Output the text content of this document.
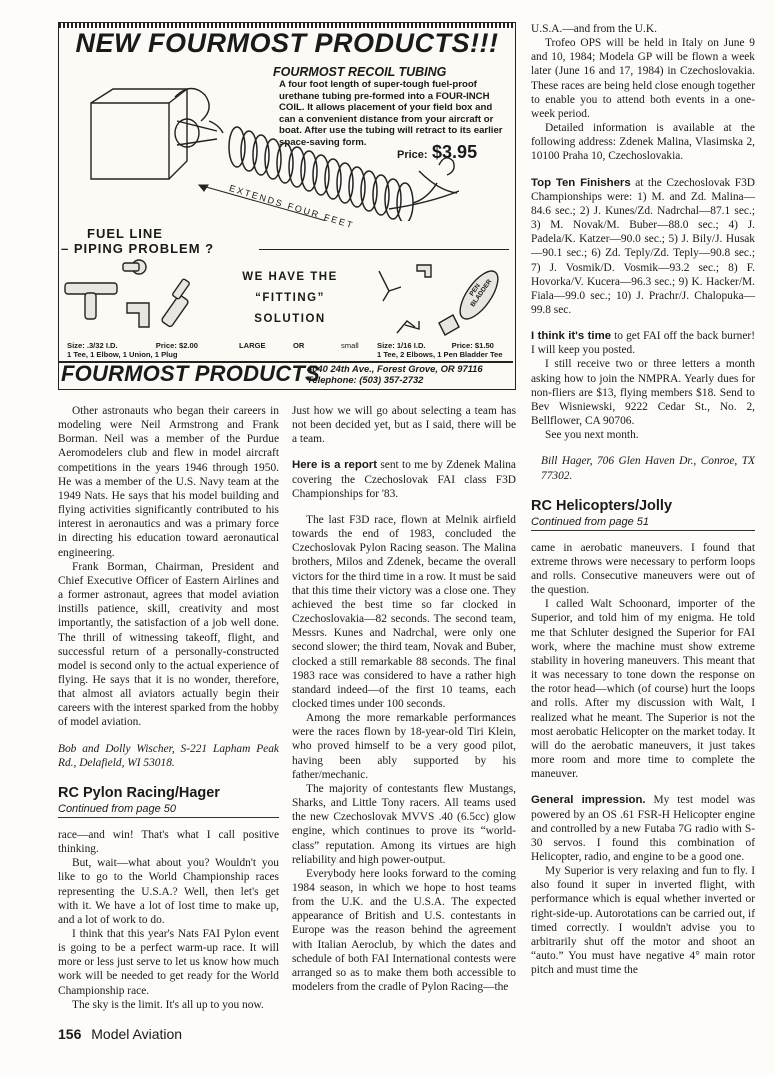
NEW FOURMOST PRODUCTS!!!
FOURMOST RECOIL TUBING
A four foot length of super-tough fuel-proof urethane tubing pre-formed into a FOUR-INCH COIL. It allows placement of your field box and can a convenient distance from your aircraft or boat. After use the tubing will retract to its earlier space-saving form.
Price: $3.95
EXTENDS FOUR FEET
FUEL LINE
– PIPING PROBLEM ?
WE HAVE THE
“FITTING”
SOLUTION
PEN BLADDER
Size: .3/32 I.D.	Price: $2.00
1 Tee, 1 Elbow, 1 Union, 1 Plug
LARGE	OR	small Size: 1/16 I.D.	Price: $1.50
1 Tee, 2 Elbows, 1 Pen Bladder Tee
FOURMOST PRODUCTS
4040 24th Ave., Forest Grove, OR 97116
Telephone: (503) 357-2732

Other astronauts who began their careers in modeling were Neil Armstrong and Frank Borman. Neil was a member of the Purdue Aeromodelers club and flew in model aircraft competitions in the years 1946 through 1950. He was a member of the U.S. Navy team at the 1949 Nats. He says that his model building and flying activities significantly contributed to his interest in aeronautics and was a primary force in directing his education toward aeronautical engineering.

Frank Borman, Chairman, President and Chief Executive Officer of Eastern Airlines and a former astronaut, agrees that model aviation instills patience, skill, creativity and most importantly, the satisfaction of a job well done. The thrill of witnessing takeoff, flight, and successful return of a personally-constructed model is second only to the actual experience of flying. He says that it is no wonder, therefore, that almost all aviators actually begin their careers with the interest sparked from the hobby of model aviation.

Bob and Dolly Wischer, S-221 Lapham Peak Rd., Delafield, WI 53018.

RC Pylon Racing/Hager
Continued from page 50

race—and win! That's what I call positive thinking.

But, wait—what about you? Wouldn't you like to go to the World Championship races representing the U.S.A.? Well, then let's get with it. We have a lot of lost time to make up, and a lot of work to do.

I think that this year's Nats FAI Pylon event is going to be a perfect warm-up race. It will more or less just serve to let us know how much work will be needed to get ready for the World Championship race.

The sky is the limit. It's all up to you now.

Just how we will go about selecting a team has not been decided yet, but as I said, there will be a team.

Here is a report sent to me by Zdenek Malina covering the Czechoslovak FAI class F3D Championships for '83.

The last F3D race, flown at Melnik airfield towards the end of 1983, concluded the Czechoslovak Pylon Racing season. The Malina brothers, Milos and Zdenek, became the overall victors for the third time in a row. It must be said that this time their victory was a close one. They achieved the best time so far clocked in Czechoslovakia—82 seconds. The second team, Messrs. Kunes and Nadrchal, were only one second slower; the third team, Novak and Buber, clocked a still remarkable 88 seconds. The final 1983 race was considered to have a rather high standard indeed—of the first 10 teams, each clocked times under 100 seconds.

Among the more remarkable performances were the races flown by 18-year-old Tiri Klein, who proved himself to be a very good pilot, having been ably supported by his father/mechanic.

The majority of contestants flew Mustangs, Sharks, and Little Tony racers. All teams used the new Czechoslovak MVVS .40 (6.5cc) glow engine, which continues to prove its “world-class” reputation. Among its virtues are high reliability and high power-output.

Everybody here looks forward to the coming 1984 season, in which we hope to host teams from the U.K. and the U.S.A. The expected appearance of British and U.S. contestants in Europe was the reason behind the agreement with Italian Aeroclub, by which the dates and schedule of both FAI International contests were arranged so as to make them both accessible to modelers from the cradle of Pylon Racing—the

U.S.A.—and from the U.K.

Trofeo OPS will be held in Italy on June 9 and 10, 1984; Modela GP will be flown a week later (June 16 and 17, 1984) in Czechoslovakia. These races are being held close enough together to enable you to attend both events in a one-week period.

Detailed information is available at the following address: Zdenek Malina, Vlasimska 2, 10100 Praha 10, Czechoslovakia.

Top Ten Finishers at the Czechoslovak F3D Championships were: 1) M. and Zd. Malina—84.6 sec.; 2) J. Kunes/Zd. Nadrchal—87.1 sec.; 3) M. Novak/M. Buber—88.0 sec.; 4) J. Padela/K. Katzer—90.0 sec.; 5) J. Bily/J. Husak—90.1 sec.; 6) Zd. Teply/Zd. Teply—90.8 sec.; 7) J. Vosmik/D. Vosmik—93.2 sec.; 8) F. Hovorka/V. Kucera—96.3 sec.; 9) K. Hacker/M. Fiala—99.0 sec.; 10) J. Prachr/J. Chalopuka—99.8 sec.

I think it's time to get FAI off the back burner! I will keep you posted.

I still receive two or three letters a month asking how to join the NMPRA. Yearly dues for non-fliers are $13, flying members $18. Send to Bev Wisniewski, 9222 Cedar St., No. 2, Bellflower, CA 90706.

See you next month.

Bill Hager, 706 Glen Haven Dr., Conroe, TX 77302.

RC Helicopters/Jolly
Continued from page 51

came in aerobatic maneuvers. I found that extreme throws were necessary to perform loops and rolls. Consecutive maneuvers were out of the question.

I called Walt Schoonard, importer of the Superior, and told him of my enigma. He told me that Schluter designed the Superior for FAI work, where the machine must show extreme stability in hovering maneuvers. This meant that it was necessary to tone down the response on the rotor head—which (of course) hurt the loops and rolls. After my discussion with Walt, I realized what he meant. The Superior is not the most aerobatic Helicopter on the market today. It will do the aerobatic maneuvers, it just takes more room and more time to complete the maneuver.

General impression. My test model was powered by an OS .61 FSR-H Helicopter engine and controlled by a new Futaba 7G radio with S-30 servos. I found this combination of Helicopter, radio, and engine to be a good one.

My Superior is very relaxing and fun to fly. I also found it super in inverted flight, with performance which is equal whether inverted or right-side-up. Autorotations can be carried out, if timed correctly. I wouldn't advise you to arbitrarily shut off the motor and shoot an “auto.” You must have negative 4° main rotor pitch and must time the

156 Model Aviation
